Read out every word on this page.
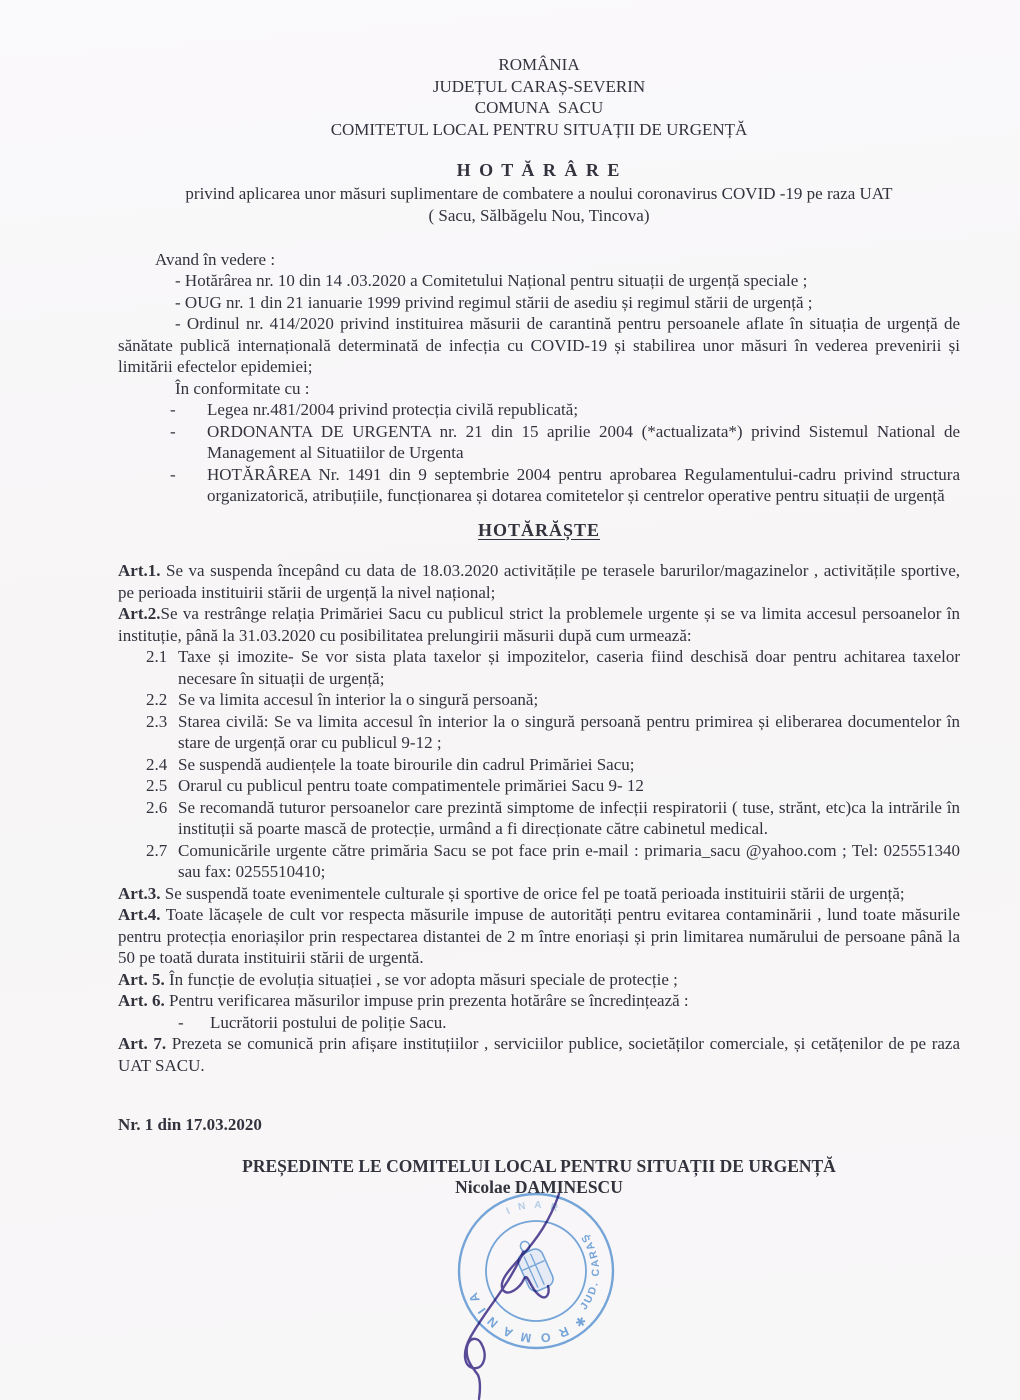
ROMÂNIA
JUDEȚUL CARAȘ-SEVERIN
COMUNA  SACU
COMITETUL LOCAL PENTRU SITUAȚII DE URGENȚĂ
H O T Ă R Â R E
privind aplicarea unor măsuri suplimentare de combatere a noului coronavirus COVID -19 pe raza UAT
( Sacu, Sălbăgelu Nou, Tincova)
Avand în vedere :
- Hotărârea nr. 10 din 14 .03.2020 a Comitetului Național pentru situații de urgență speciale ;
- OUG nr. 1 din 21 ianuarie 1999 privind regimul stării de asediu și regimul stării de urgență ;
- Ordinul nr. 414/2020 privind instituirea măsurii de carantină pentru persoanele aflate în situația de urgență de sănătate publică internațională determinată de infecția cu COVID-19 și stabilirea unor măsuri în vederea prevenirii și limitării efectelor epidemiei;
În conformitate cu :
- Legea nr.481/2004 privind protecția civilă republicată;
- ORDONANTA DE URGENTA nr. 21 din 15 aprilie 2004 (*actualizata*) privind Sistemul National de Management al Situatiilor de Urgenta
- HOTĂRÂREA Nr. 1491 din 9 septembrie 2004 pentru aprobarea Regulamentului-cadru privind structura organizatorică, atribuțiile, funcționarea și dotarea comitetelor și centrelor operative pentru situații de urgență
HOTĂRĂȘTE
Art.1. Se va suspenda începând cu data de 18.03.2020 activitățile pe terasele barurilor/magazinelor , activitățile sportive, pe perioada instituirii stării de urgență la nivel național;
Art.2.Se va restrânge relația Primăriei Sacu cu publicul strict la problemele urgente și se va limita accesul persoanelor în instituție, până la 31.03.2020 cu posibilitatea prelungirii măsurii după cum urmează:
2.1 Taxe și imozite- Se vor sista plata taxelor și impozitelor, caseria fiind deschisă doar pentru achitarea taxelor necesare în situații de urgență;
2.2 Se va limita accesul în interior la o singură persoană;
2.3 Starea civilă: Se va limita accesul în interior la o singură persoană pentru primirea și eliberarea documentelor în stare de urgență orar cu publicul 9-12 ;
2.4 Se suspendă audiențele la toate birourile din cadrul Primăriei Sacu;
2.5 Orarul cu publicul pentru toate compatimentele primăriei Sacu 9- 12
2.6 Se recomandă tuturor persoanelor care prezintă simptome de infecții respiratorii ( tuse, strănt, etc)ca la intrările în instituții să poarte mască de protecție, urmând a fi direcționate către cabinetul medical.
2.7 Comunicările urgente către primăria Sacu se pot face prin e-mail : primaria_sacu @yahoo.com ; Tel: 025551340 sau fax: 0255510410;
Art.3. Se suspendă toate evenimentele culturale și sportive de orice fel pe toată perioada instituirii stării de urgență;
Art.4. Toate lăcașele de cult vor respecta măsurile impuse de autorități pentru evitarea contaminării , lund toate măsurile pentru protecția enoriașilor prin respectarea distantei de 2 m între enoriași și prin limitarea numărului de persoane până la 50 pe toată durata instituirii stării de urgentă.
Art. 5. În funcție de evoluția situației , se vor adopta măsuri speciale de protecție ;
Art. 6. Pentru verificarea măsurilor impuse prin prezenta hotărâre se încredințează :
- Lucrătorii postului de poliție Sacu.
Art. 7. Prezeta se comunică prin afișare instituțiilor , serviciilor publice, societăților comerciale, și cetățenilor de pe raza UAT SACU.
Nr. 1 din 17.03.2020
PREȘEDINTE LE COMITELUI LOCAL PENTRU SITUAȚII DE URGENȚĂ
Nicolae DAMINESCU
✱ R O M A N I A
JUD. CARAŞ
I N A R
